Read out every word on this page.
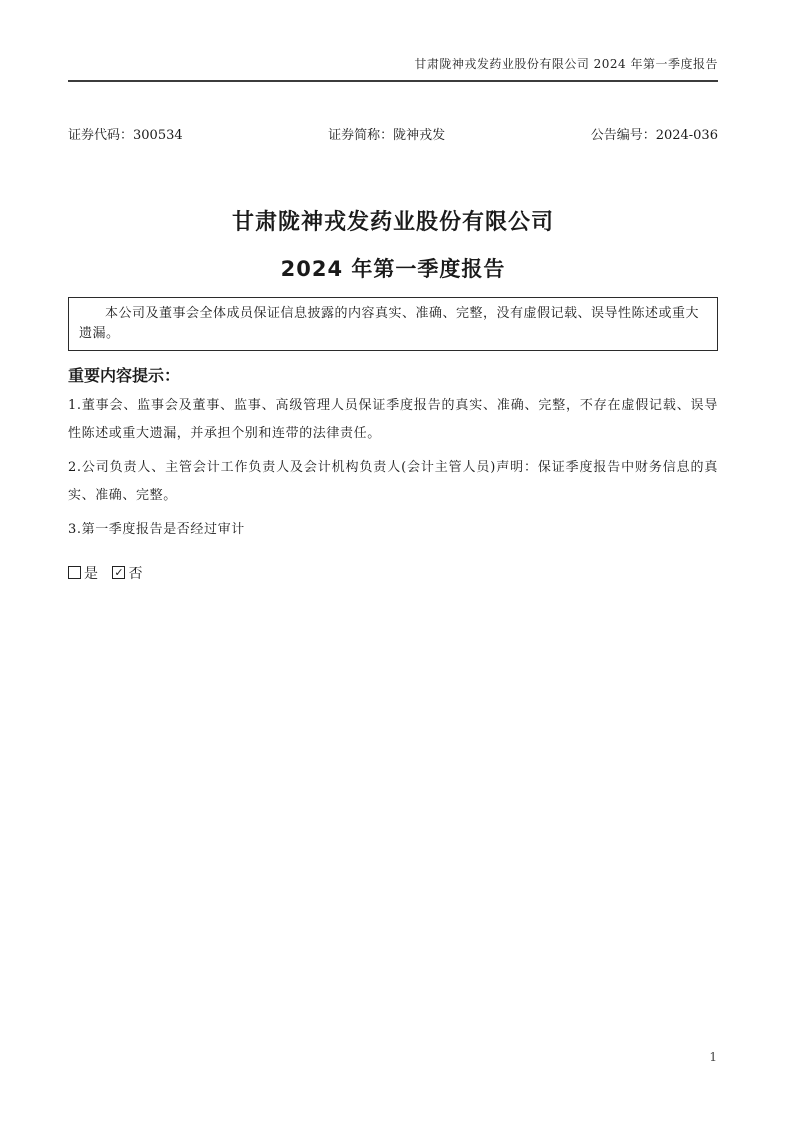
甘肃陇神戎发药业股份有限公司 2024 年第一季度报告
证券代码：300534	证券简称：陇神戎发	公告编号：2024-036
甘肃陇神戎发药业股份有限公司
2024 年第一季度报告
本公司及董事会全体成员保证信息披露的内容真实、准确、完整，没有虚假记载、误导性陈述或重大遗漏。
重要内容提示：

1.董事会、监事会及董事、监事、高级管理人员保证季度报告的真实、准确、完整，不存在虚假记载、误导性陈述或重大遗漏，并承担个别和连带的法律责任。

2.公司负责人、主管会计工作负责人及会计机构负责人(会计主管人员)声明：保证季度报告中财务信息的真实、准确、完整。

3.第一季度报告是否经过审计

是 ✓ 否
1
